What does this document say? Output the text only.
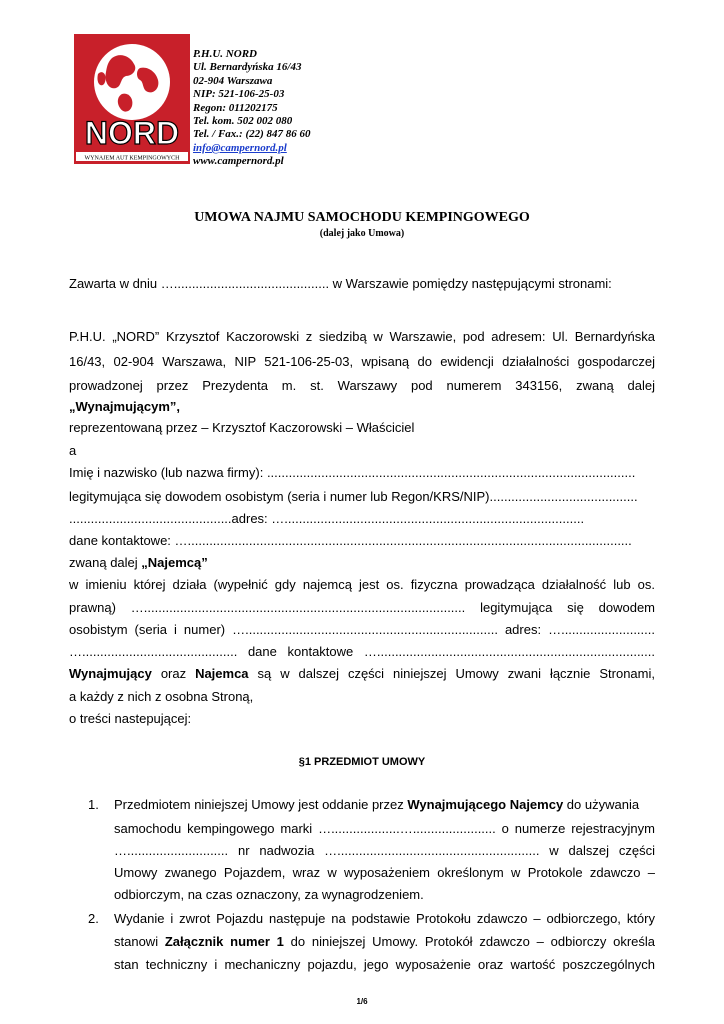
NORD
WYNAJEM AUT KEMPINGOWYCH
P.H.U. NORD
Ul. Bernardyńska 16/43
02-904 Warszawa
NIP: 521-106-25-03
Regon: 011202175
Tel. kom. 502 002 080
Tel. / Fax.: (22) 847 86 60
info@campernord.pl
www.campernord.pl
UMOWA NAJMU SAMOCHODU KEMPINGOWEGO
(dalej jako Umowa)
Zawarta w dniu …........................................... w Warszawie pomiędzy następującymi stronami:
P.H.U. „NORD” Krzysztof Kaczorowski z siedzibą w Warszawie, pod adresem: Ul. Bernardyńska
16/43, 02-904 Warszawa, NIP 521-106-25-03, wpisaną do ewidencji działalności gospodarczej
prowadzonej przez Prezydenta m. st. Warszawy pod numerem 343156, zwaną dalej
„Wynajmującym”,
reprezentowaną przez – Krzysztof Kaczorowski – Właściciel
a
Imię i nazwisko (lub nazwa firmy): ......................................................................................................
legitymująca się dowodem osobistym (seria i numer lub Regon/KRS/NIP).........................................
.............................................adres: …...................................................................................
dane kontaktowe: …...........................................................................................................................
zwaną dalej „Najemcą”
w imieniu której działa (wypełnić gdy najemcą jest os. fizyczna prowadząca działalność lub os.
prawną) …......................................................................................... legitymująca się dowodem
osobistym (seria i numer) …...................................................................... adres: …..........................
…........................................... dane kontaktowe ….............................................................................
Wynajmujący oraz Najemca są w dalszej części niniejszej Umowy zwani łącznie Stronami,
a każdy z nich z osobna Stroną,
o treści nastepującej:
§1 PRZEDMIOT UMOWY
1. Przedmiotem niniejszej Umowy jest oddanie przez Wynajmującego Najemcy do używania
samochodu kempingowego marki …...................…....................... o numerze rejestracyjnym
…............................ nr nadwozia …........................................................ w dalszej części
Umowy zwanego Pojazdem, wraz w wyposażeniem określonym w Protokole zdawczo –
odbiorczym, na czas oznaczony, za wynagrodzeniem.
2. Wydanie i zwrot Pojazdu następuje na podstawie Protokołu zdawczo – odbiorczego, który
stanowi Załącznik numer 1 do niniejszej Umowy. Protokół zdawczo – odbiorczy określa
stan techniczny i mechaniczny pojazdu, jego wyposażenie oraz wartość poszczególnych
1/6
